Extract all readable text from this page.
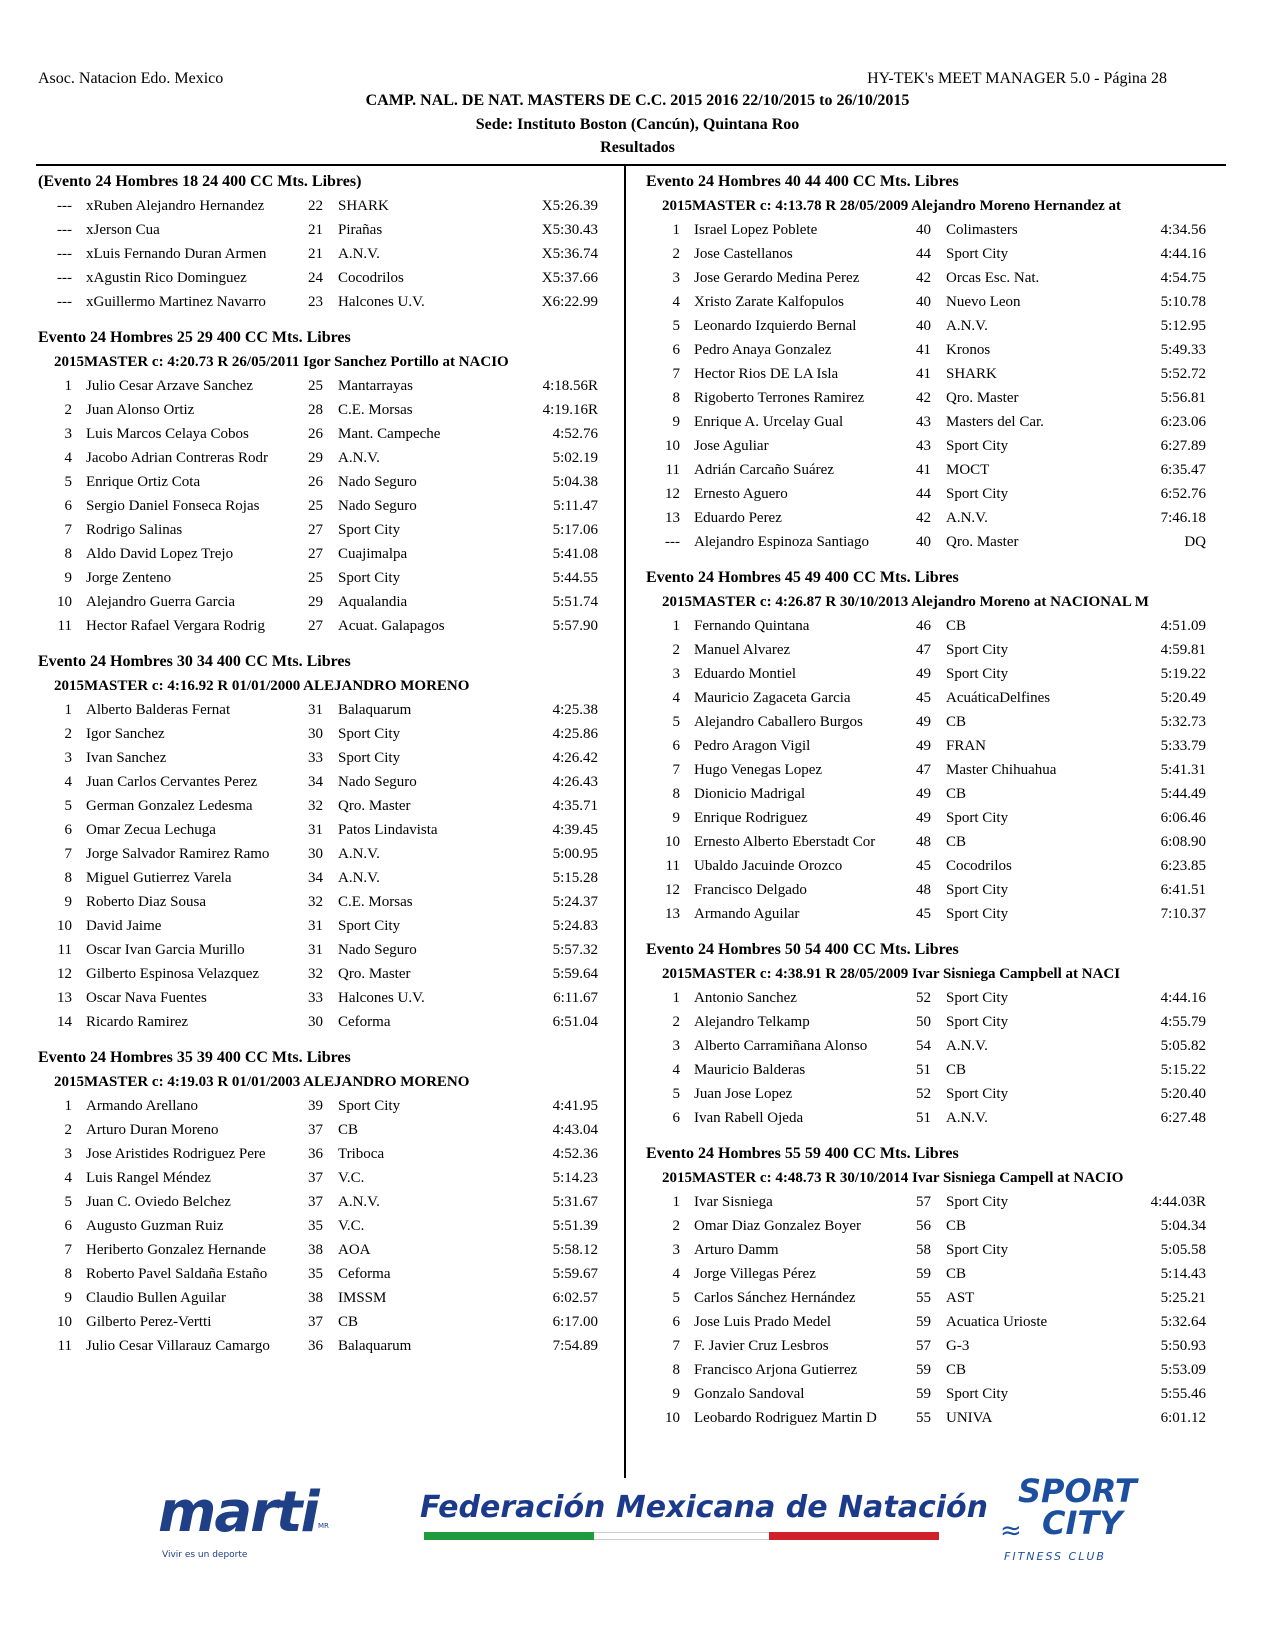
Asoc. Natacion Edo. Mexico	HY-TEK's MEET MANAGER 5.0 - Página 28
CAMP. NAL. DE NAT. MASTERS DE C.C. 2015 2016 22/10/2015 to 26/10/2015
Sede: Instituto Boston (Cancún), Quintana Roo
Resultados
(Evento 24 Hombres 18 24 400 CC Mts. Libres)
--- xRuben Alejandro Hernandez	22	SHARK	X5:26.39
--- xJerson Cua	21	Pirañas	X5:30.43
--- xLuis Fernando Duran Armen	21	A.N.V.	X5:36.74
--- xAgustin Rico Dominguez	24	Cocodrilos	X5:37.66
--- xGuillermo Martinez Navarro	23	Halcones U.V.	X6:22.99
Evento 24 Hombres 25 29 400 CC Mts. Libres
2015MASTER c: 4:20.73 R 26/05/2011 Igor Sanchez Portillo at NACIO
1 Julio Cesar Arzave Sanchez	25	Mantarrayas	4:18.56R
2 Juan Alonso Ortiz	28	C.E. Morsas	4:19.16R
3 Luis Marcos Celaya Cobos	26	Mant. Campeche	4:52.76
4 Jacobo Adrian Contreras Rodr	29	A.N.V.	5:02.19
5 Enrique Ortiz Cota	26	Nado Seguro	5:04.38
6 Sergio Daniel Fonseca Rojas	25	Nado Seguro	5:11.47
7 Rodrigo Salinas	27	Sport City	5:17.06
8 Aldo David Lopez Trejo	27	Cuajimalpa	5:41.08
9 Jorge Zenteno	25	Sport City	5:44.55
10 Alejandro Guerra Garcia	29	Aqualandia	5:51.74
11 Hector Rafael Vergara Rodrig	27	Acuat. Galapagos	5:57.90
Evento 24 Hombres 30 34 400 CC Mts. Libres
2015MASTER c: 4:16.92 R 01/01/2000 ALEJANDRO MORENO
1 Alberto Balderas Fernat	31	Balaquarum	4:25.38
2 Igor Sanchez	30	Sport City	4:25.86
3 Ivan Sanchez	33	Sport City	4:26.42
4 Juan Carlos Cervantes Perez	34	Nado Seguro	4:26.43
5 German Gonzalez Ledesma	32	Qro. Master	4:35.71
6 Omar Zecua Lechuga	31	Patos Lindavista	4:39.45
7 Jorge Salvador Ramirez Ramo	30	A.N.V.	5:00.95
8 Miguel Gutierrez Varela	34	A.N.V.	5:15.28
9 Roberto Diaz Sousa	32	C.E. Morsas	5:24.37
10 David Jaime	31	Sport City	5:24.83
11 Oscar Ivan Garcia Murillo	31	Nado Seguro	5:57.32
12 Gilberto Espinosa Velazquez	32	Qro. Master	5:59.64
13 Oscar Nava Fuentes	33	Halcones U.V.	6:11.67
14 Ricardo Ramirez	30	Ceforma	6:51.04
Evento 24 Hombres 35 39 400 CC Mts. Libres
2015MASTER c: 4:19.03 R 01/01/2003 ALEJANDRO MORENO
1 Armando Arellano	39	Sport City	4:41.95
2 Arturo Duran Moreno	37	CB	4:43.04
3 Jose Aristides Rodriguez Pere	36	Triboca	4:52.36
4 Luis Rangel Méndez	37	V.C.	5:14.23
5 Juan C. Oviedo Belchez	37	A.N.V.	5:31.67
6 Augusto Guzman Ruiz	35	V.C.	5:51.39
7 Heriberto Gonzalez Hernande	38	AOA	5:58.12
8 Roberto Pavel Saldaña Estaño	35	Ceforma	5:59.67
9 Claudio Bullen Aguilar	38	IMSSM	6:02.57
10 Gilberto Perez-Vertti	37	CB	6:17.00
11 Julio Cesar Villarauz Camargo	36	Balaquarum	7:54.89
Evento 24 Hombres 40 44 400 CC Mts. Libres
2015MASTER c: 4:13.78 R 28/05/2009 Alejandro Moreno Hernandez at
1 Israel Lopez Poblete	40	Colimasters	4:34.56
2 Jose Castellanos	44	Sport City	4:44.16
3 Jose Gerardo Medina Perez	42	Orcas Esc. Nat.	4:54.75
4 Xristo Zarate Kalfopulos	40	Nuevo Leon	5:10.78
5 Leonardo Izquierdo Bernal	40	A.N.V.	5:12.95
6 Pedro Anaya Gonzalez	41	Kronos	5:49.33
7 Hector Rios DE LA Isla	41	SHARK	5:52.72
8 Rigoberto Terrones Ramirez	42	Qro. Master	5:56.81
9 Enrique A. Urcelay Gual	43	Masters del Car.	6:23.06
10 Jose Aguliar	43	Sport City	6:27.89
11 Adrián Carcaño Suárez	41	MOCT	6:35.47
12 Ernesto Aguero	44	Sport City	6:52.76
13 Eduardo Perez	42	A.N.V.	7:46.18
--- Alejandro Espinoza Santiago	40	Qro. Master	DQ
Evento 24 Hombres 45 49 400 CC Mts. Libres
2015MASTER c: 4:26.87 R 30/10/2013 Alejandro Moreno at NACIONAL M
1 Fernando Quintana	46	CB	4:51.09
2 Manuel Alvarez	47	Sport City	4:59.81
3 Eduardo Montiel	49	Sport City	5:19.22
4 Mauricio Zagaceta Garcia	45	AcuáticaDelfines	5:20.49
5 Alejandro Caballero Burgos	49	CB	5:32.73
6 Pedro Aragon Vigil	49	FRAN	5:33.79
7 Hugo Venegas Lopez	47	Master Chihuahua	5:41.31
8 Dionicio Madrigal	49	CB	5:44.49
9 Enrique Rodriguez	49	Sport City	6:06.46
10 Ernesto Alberto Eberstadt Cor	48	CB	6:08.90
11 Ubaldo Jacuinde Orozco	45	Cocodrilos	6:23.85
12 Francisco Delgado	48	Sport City	6:41.51
13 Armando Aguilar	45	Sport City	7:10.37
Evento 24 Hombres 50 54 400 CC Mts. Libres
2015MASTER c: 4:38.91 R 28/05/2009 Ivar Sisniega Campbell at NACI
1 Antonio Sanchez	52	Sport City	4:44.16
2 Alejandro Telkamp	50	Sport City	4:55.79
3 Alberto Carramiñana Alonso	54	A.N.V.	5:05.82
4 Mauricio Balderas	51	CB	5:15.22
5 Juan Jose Lopez	52	Sport City	5:20.40
6 Ivan Rabell Ojeda	51	A.N.V.	6:27.48
Evento 24 Hombres 55 59 400 CC Mts. Libres
2015MASTER c: 4:48.73 R 30/10/2014 Ivar Sisniega Campell at NACIO
1 Ivar Sisniega	57	Sport City	4:44.03R
2 Omar Diaz Gonzalez Boyer	56	CB	5:04.34
3 Arturo Damm	58	Sport City	5:05.58
4 Jorge Villegas Pérez	59	CB	5:14.43
5 Carlos Sánchez Hernández	55	AST	5:25.21
6 Jose Luis Prado Medel	59	Acuatica Urioste	5:32.64
7 F. Javier Cruz Lesbros	57	G-3	5:50.93
8 Francisco Arjona Gutierrez	59	CB	5:53.09
9 Gonzalo Sandoval	59	Sport City	5:55.46
10 Leobardo Rodriguez Martin D	55	UNIVA	6:01.12
marti MR
Vivir es un deporte
Federación Mexicana de Natación SPORT
≈ CITY
FITNESS CLUB
